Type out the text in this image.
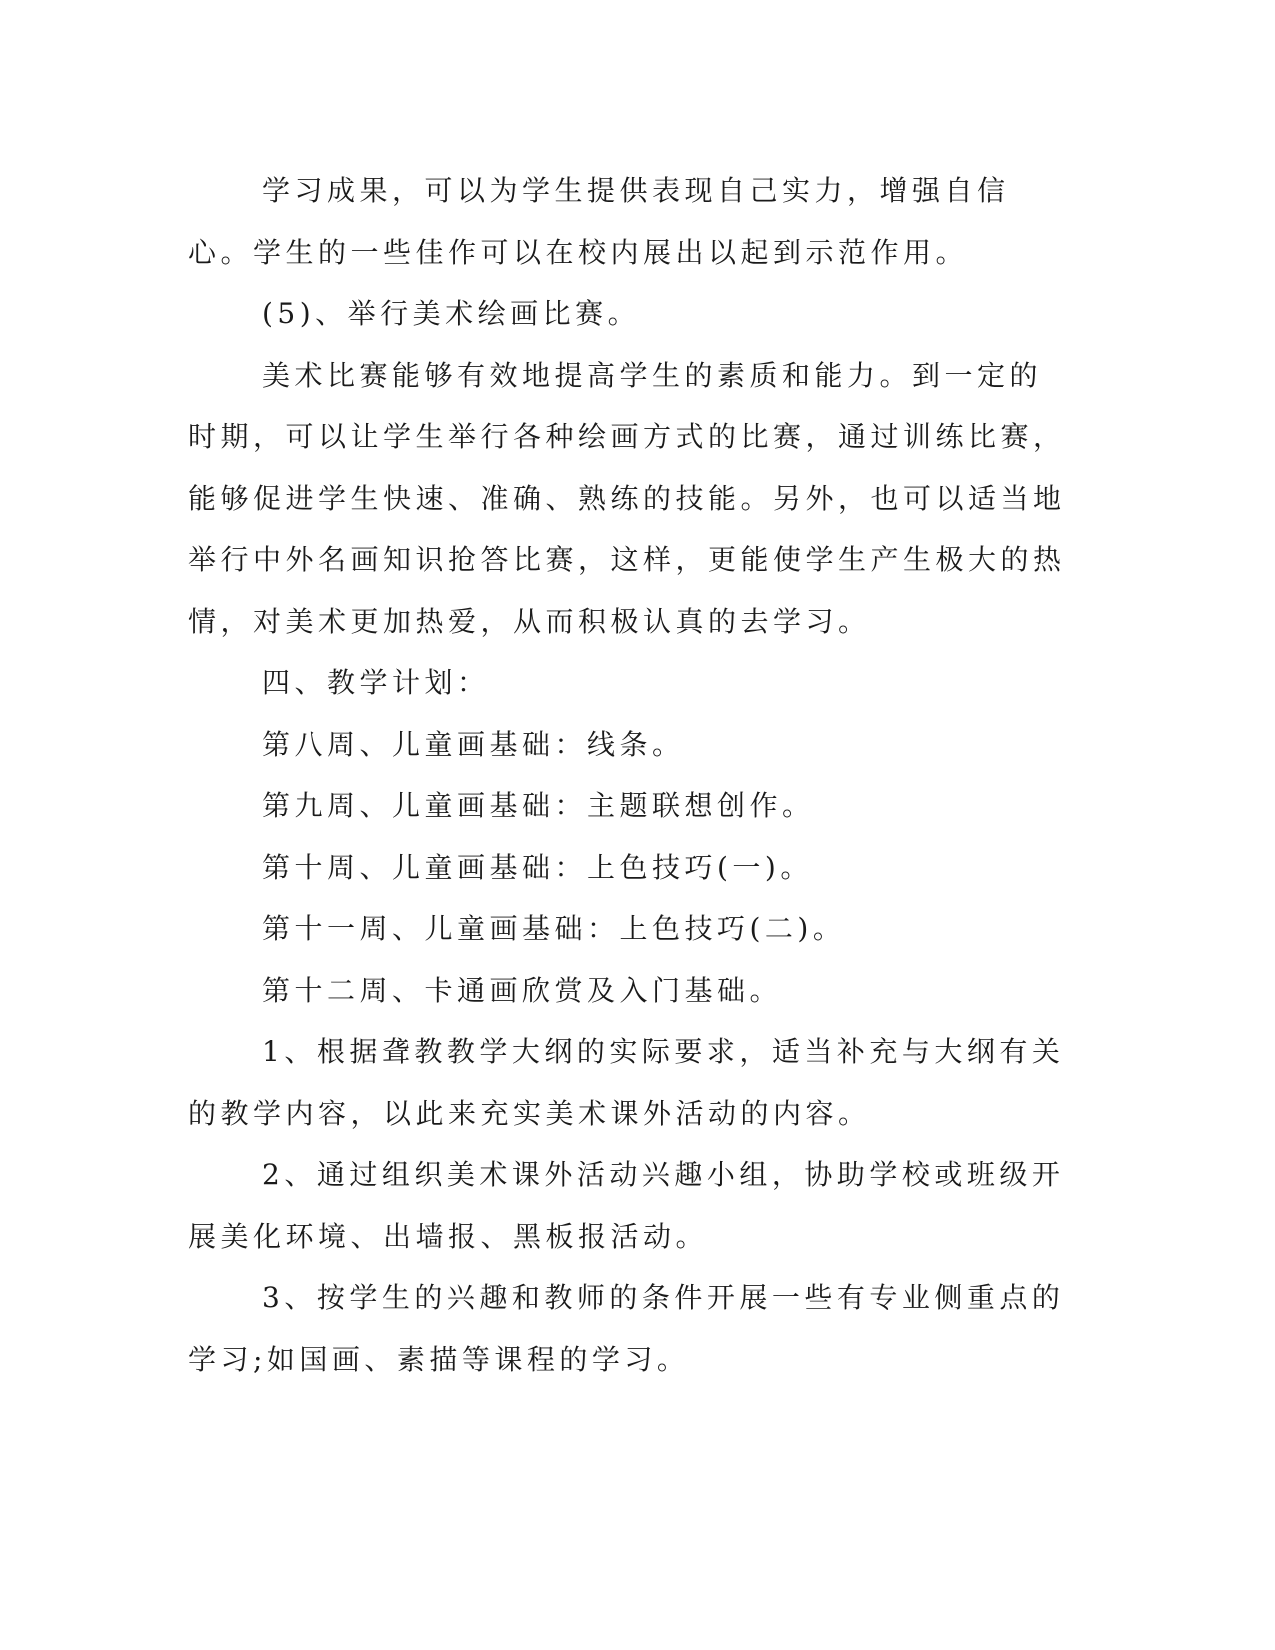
学习成果，可以为学生提供表现自己实力，增强自信心。学生的一些佳作可以在校内展出以起到示范作用。

(5)、举行美术绘画比赛。

美术比赛能够有效地提高学生的素质和能力。到一定的时期，可以让学生举行各种绘画方式的比赛，通过训练比赛，能够促进学生快速、准确、熟练的技能。另外，也可以适当地举行中外名画知识抢答比赛，这样，更能使学生产生极大的热情，对美术更加热爱，从而积极认真的去学习。

四、教学计划：

第八周、儿童画基础：线条。

第九周、儿童画基础：主题联想创作。

第十周、儿童画基础：上色技巧(一)。

第十一周、儿童画基础：上色技巧(二)。

第十二周、卡通画欣赏及入门基础。

1、根据聋教教学大纲的实际要求，适当补充与大纲有关的教学内容，以此来充实美术课外活动的内容。

2、通过组织美术课外活动兴趣小组，协助学校或班级开展美化环境、出墙报、黑板报活动。

3、按学生的兴趣和教师的条件开展一些有专业侧重点的学习;如国画、素描等课程的学习。
